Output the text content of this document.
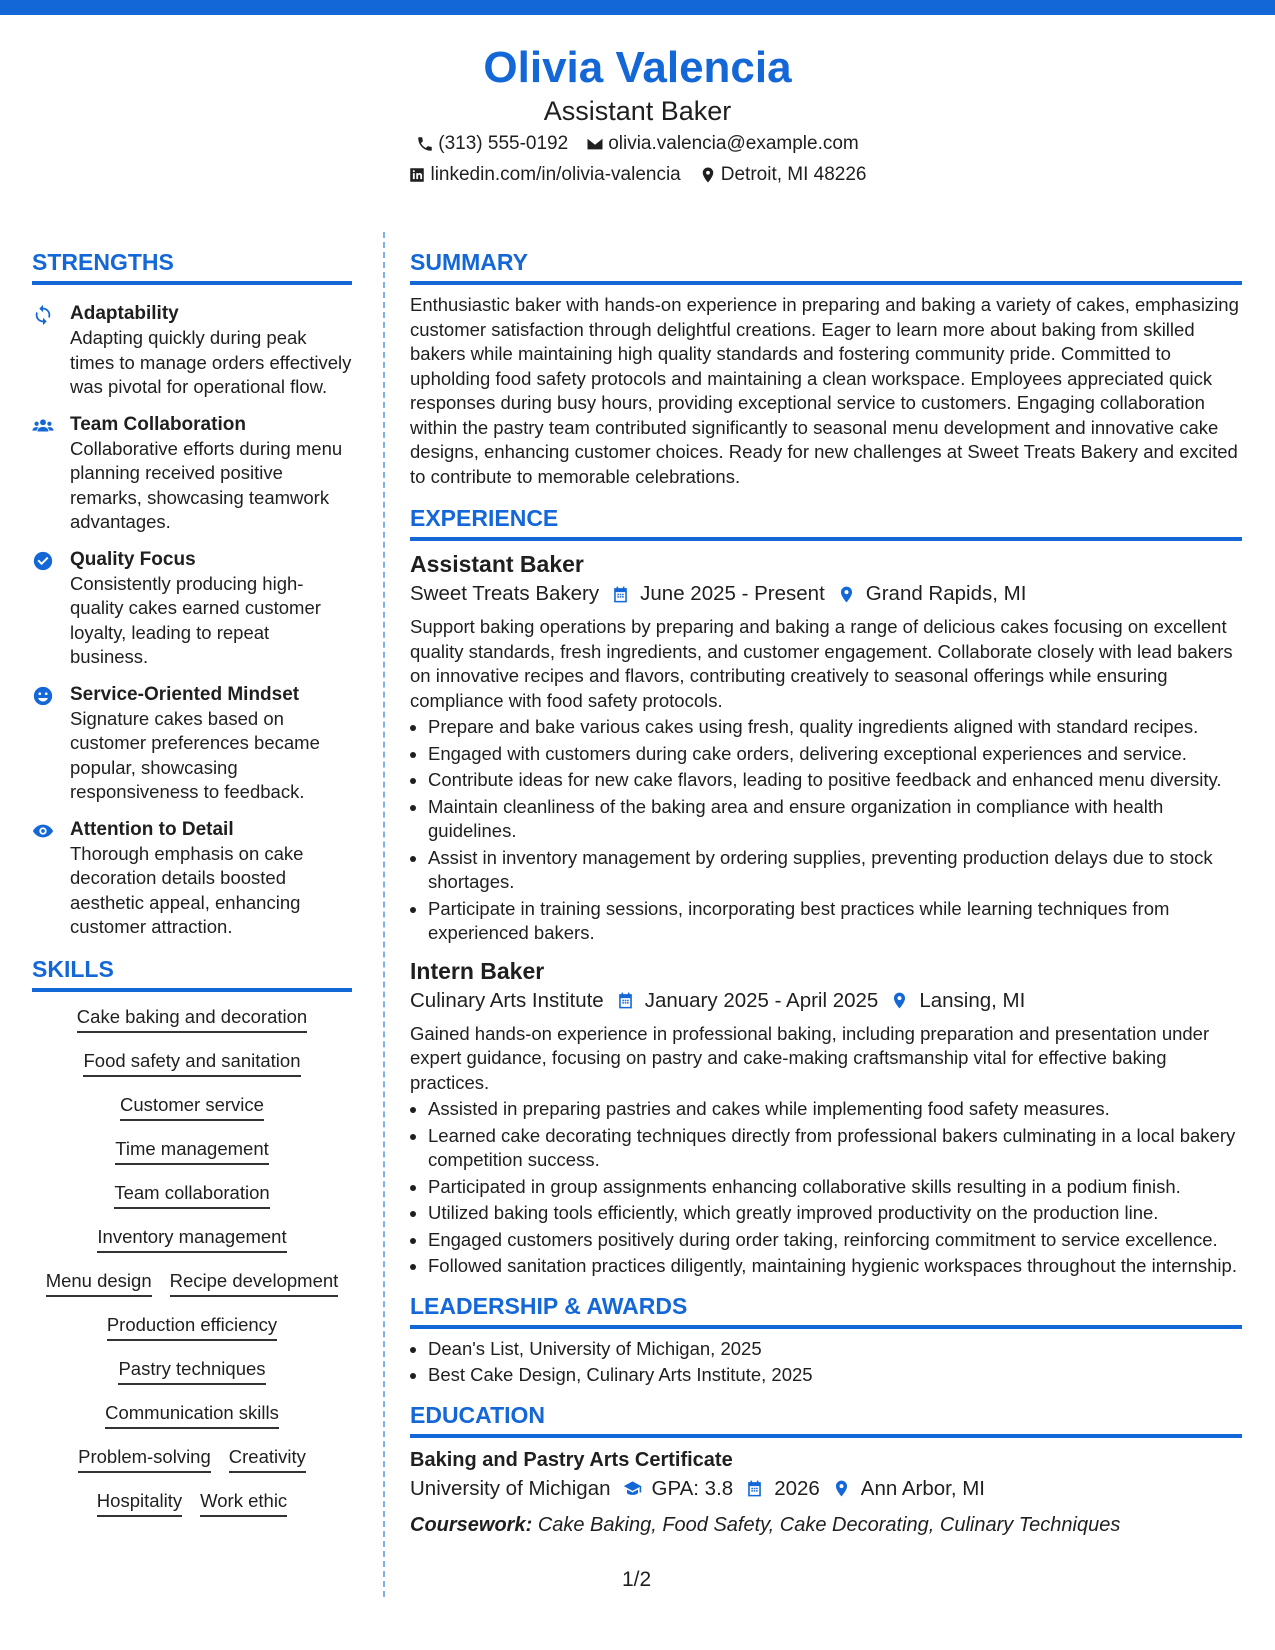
Olivia Valencia
Assistant Baker
(313) 555-0192 olivia.valencia@example.com
linkedin.com/in/olivia-valencia Detroit, MI 48226
STRENGTHS
Adaptability
Adapting quickly during peak times to manage orders effectively was pivotal for operational flow.
Team Collaboration
Collaborative efforts during menu planning received positive remarks, showcasing teamwork advantages.
Quality Focus
Consistently producing high-quality cakes earned customer loyalty, leading to repeat business.
Service-Oriented Mindset
Signature cakes based on customer preferences became popular, showcasing responsiveness to feedback.
Attention to Detail
Thorough emphasis on cake decoration details boosted aesthetic appeal, enhancing customer attraction.
SKILLS
Cake baking and decoration
Food safety and sanitation
Customer service
Time management
Team collaboration
Inventory management
Menu design Recipe development
Production efficiency
Pastry techniques
Communication skills
Problem-solving Creativity
Hospitality Work ethic
SUMMARY

Enthusiastic baker with hands-on experience in preparing and baking a variety of cakes, emphasizing customer satisfaction through delightful creations. Eager to learn more about baking from skilled bakers while maintaining high quality standards and fostering community pride. Committed to upholding food safety protocols and maintaining a clean workspace. Employees appreciated quick responses during busy hours, providing exceptional service to customers. Engaging collaboration within the pastry team contributed significantly to seasonal menu development and innovative cake designs, enhancing customer choices. Ready for new challenges at Sweet Treats Bakery and excited to contribute to memorable celebrations.

EXPERIENCE
Assistant Baker
Sweet Treats Bakery June 2025 - Present Grand Rapids, MI

Support baking operations by preparing and baking a range of delicious cakes focusing on excellent quality standards, fresh ingredients, and customer engagement. Collaborate closely with lead bakers on innovative recipes and flavors, contributing creatively to seasonal offerings while ensuring compliance with food safety protocols.

• Prepare and bake various cakes using fresh, quality ingredients aligned with standard recipes.
• Engaged with customers during cake orders, delivering exceptional experiences and service.
• Contribute ideas for new cake flavors, leading to positive feedback and enhanced menu diversity.
• Maintain cleanliness of the baking area and ensure organization in compliance with health guidelines.
• Assist in inventory management by ordering supplies, preventing production delays due to stock shortages.
• Participate in training sessions, incorporating best practices while learning techniques from experienced bakers.
Intern Baker
Culinary Arts Institute January 2025 - April 2025 Lansing, MI

Gained hands-on experience in professional baking, including preparation and presentation under expert guidance, focusing on pastry and cake-making craftsmanship vital for effective baking practices.

• Assisted in preparing pastries and cakes while implementing food safety measures.
• Learned cake decorating techniques directly from professional bakers culminating in a local bakery competition success.
• Participated in group assignments enhancing collaborative skills resulting in a podium finish.
• Utilized baking tools efficiently, which greatly improved productivity on the production line.
• Engaged customers positively during order taking, reinforcing commitment to service excellence.
• Followed sanitation practices diligently, maintaining hygienic workspaces throughout the internship.
LEADERSHIP & AWARDS
• Dean's List, University of Michigan, 2025
• Best Cake Design, Culinary Arts Institute, 2025
EDUCATION
Baking and Pastry Arts Certificate
University of Michigan GPA: 3.8 2026 Ann Arbor, MI
Coursework: Cake Baking, Food Safety, Cake Decorating, Culinary Techniques
1/2
